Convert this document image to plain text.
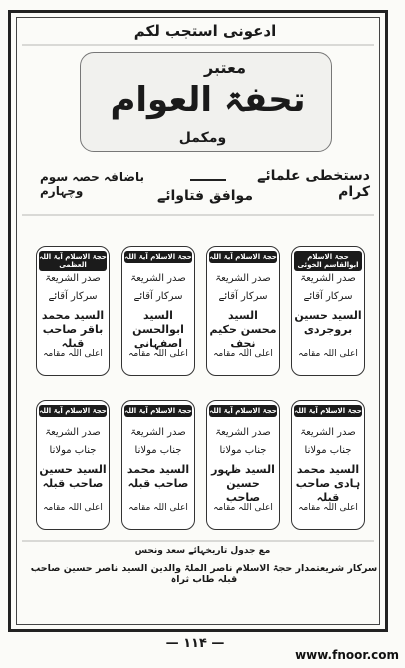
ادعونی استجب لکم
معتبر
تحفۃ العوام
ومکمل
دستخطی علمائے کرام
باضافہ حصہ سوم وچہارم	موافق فتاوائے
حجۃ الاسلام ابوالقاسم الخوئی
صدر الشریعۃ
سرکار آقائے
السید حسین بروجردی
اعلی اللہ مقامہ
حجۃ الاسلام آیۃ اللہ
صدر الشریعۃ
سرکار آقائے
السید محسن حکیم نجف
اعلی اللہ مقامہ
حجۃ الاسلام آیۃ اللہ
صدر الشریعۃ
سرکار آقائے
السید ابوالحسن اصفہانی
اعلی اللہ مقامہ
حجۃ الاسلام آیۃ اللہ العظمی
صدر الشریعۃ
سرکار آقائے
السید محمد باقر صاحب قبلہ
اعلی اللہ مقامہ
حجۃ الاسلام آیۃ اللہ
صدر الشریعۃ
جناب مولانا
السید محمد ہادی صاحب قبلہ
اعلی اللہ مقامہ
حجۃ الاسلام آیۃ اللہ
صدر الشریعۃ
جناب مولانا
السید ظہور حسین صاحب
اعلی اللہ مقامہ
حجۃ الاسلام آیۃ اللہ
صدر الشریعۃ
جناب مولانا
السید محمد صاحب قبلہ
اعلی اللہ مقامہ
حجۃ الاسلام آیۃ اللہ
صدر الشریعۃ
جناب مولانا
السید حسین صاحب قبلہ
اعلی اللہ مقامہ
مع جدول تاریخہائے سعد ونحس
سرکار شریعتمدار حجۃ الاسلام ناصر الملۃ والدین السید ناصر حسین صاحب قبلہ طاب ثراہ
— ۱۱۴ —
www.fnoor.com
